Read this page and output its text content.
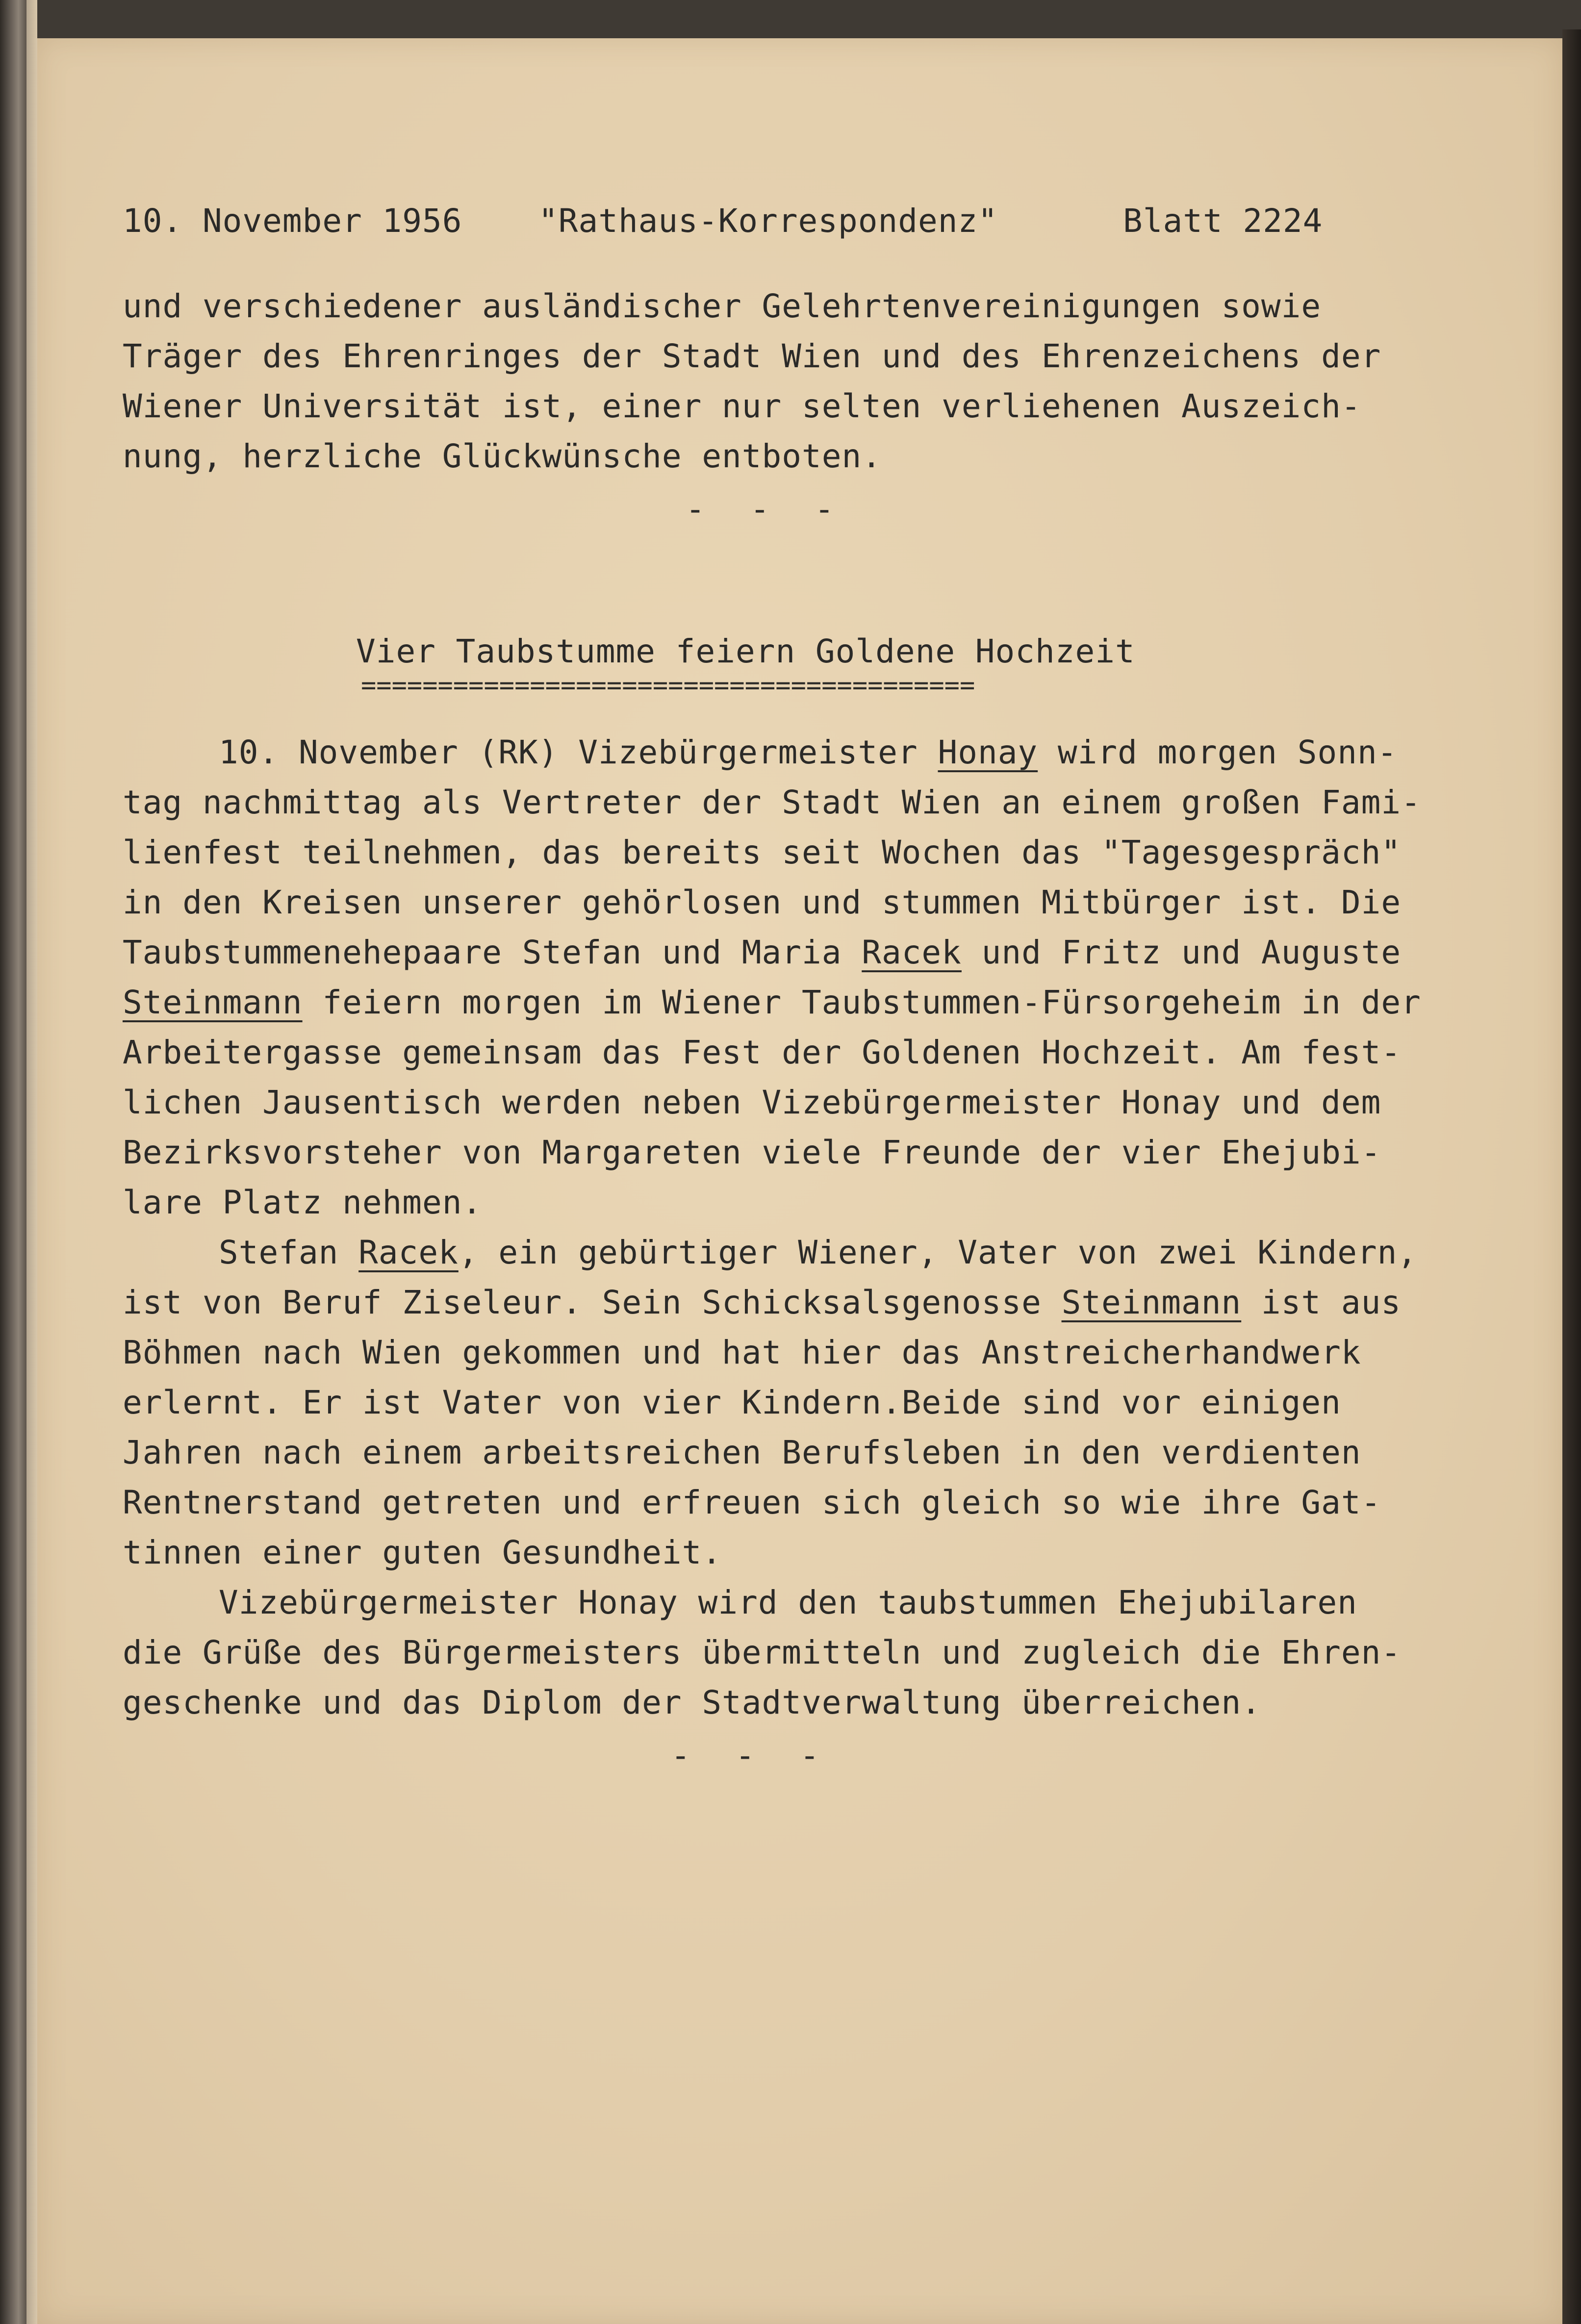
10. November 1956 "Rathaus-Korrespondenz"	Blatt 2224

und verschiedener ausländischer Gelehrtenvereinigungen sowie

Träger des Ehrenringes der Stadt Wien und des Ehrenzeichens der

Wiener Universität ist, einer nur selten verliehenen Auszeich-

nung, herzliche Glückwünsche entboten.

- - -

Vier Taubstumme feiern Goldene Hochzeit

========================================

10. November (RK) Vizebürgermeister Honay wird morgen Sonn-

tag nachmittag als Vertreter der Stadt Wien an einem großen Fami-

lienfest teilnehmen, das bereits seit Wochen das "Tagesgespräch"

in den Kreisen unserer gehörlosen und stummen Mitbürger ist. Die

Taubstummenehepaare Stefan und Maria Racek und Fritz und Auguste

Steinmann feiern morgen im Wiener Taubstummen-Fürsorgeheim in der

Arbeitergasse gemeinsam das Fest der Goldenen Hochzeit. Am fest-

lichen Jausentisch werden neben Vizebürgermeister Honay und dem

Bezirksvorsteher von Margareten viele Freunde der vier Ehejubi-

lare Platz nehmen.

Stefan Racek, ein gebürtiger Wiener, Vater von zwei Kindern,

ist von Beruf Ziseleur. Sein Schicksalsgenosse Steinmann ist aus

Böhmen nach Wien gekommen und hat hier das Anstreicherhandwerk

erlernt. Er ist Vater von vier Kindern.Beide sind vor einigen

Jahren nach einem arbeitsreichen Berufsleben in den verdienten

Rentnerstand getreten und erfreuen sich gleich so wie ihre Gat-

tinnen einer guten Gesundheit.

Vizebürgermeister Honay wird den taubstummen Ehejubilaren

die Grüße des Bürgermeisters übermitteln und zugleich die Ehren-

geschenke und das Diplom der Stadtverwaltung überreichen.

- - -
